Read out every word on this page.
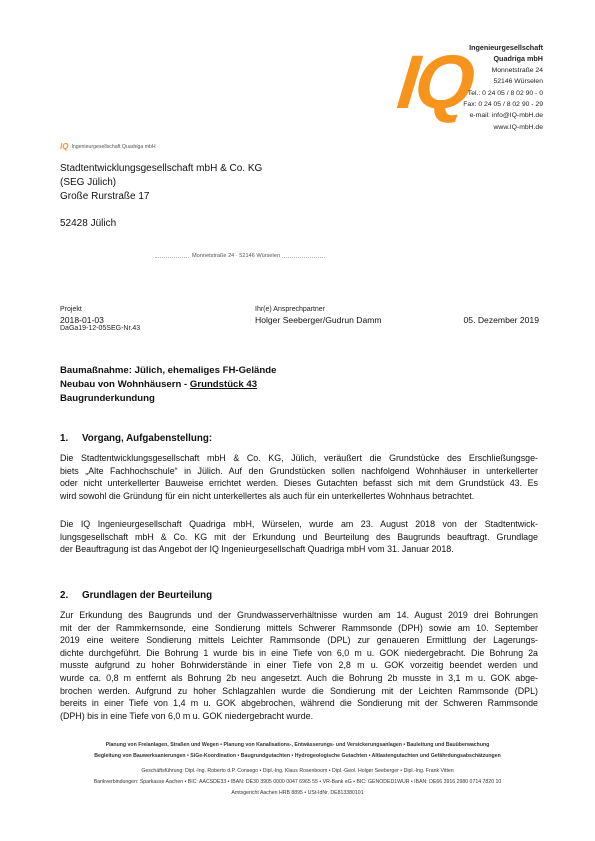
IQ
Ingenieurgesellschaft
Quadriga mbH
Monnetstraße 24
52146 Würselen
Tel.: 0 24 05 / 8 02 90 - 0
Fax: 0 24 05 / 8 02 90 - 29
e-mail: info@IQ-mbH.de
www.IQ-mbH.de
IQ Ingenieurgesellschaft Quadriga mbH
Stadtentwicklungsgesellschaft mbH & Co. KG
(SEG Jülich)
Große Rurstraße 17
52428 Jülich
Monnetstraße 24 · 52146 Würselen
Projekt
2018-01-03
DaGa19-12-05SEG-Nr.43
Ihr(e) Ansprechpartner
Holger Seeberger/Gudrun Damm	05. Dezember 2019
Baumaßnahme: Jülich, ehemaliges FH-Gelände
Neubau von Wohnhäusern - Grundstück 43
Baugrunderkundung
1. Vorgang, Aufgabenstellung:
Die Stadtentwicklungsgesellschaft mbH & Co. KG, Jülich, veräußert die Grundstücke des Erschließungsge-
biets „Alte Fachhochschule“ in Jülich. Auf den Grundstücken sollen nachfolgend Wohnhäuser in unterkellerter
oder nicht unterkellerter Bauweise errichtet werden. Dieses Gutachten befasst sich mit dem Grundstück 43. Es
wird sowohl die Gründung für ein nicht unterkellertes als auch für ein unterkellertes Wohnhaus betrachtet.
Die IQ Ingenieurgesellschaft Quadriga mbH, Würselen, wurde am 23. August 2018 von der Stadtentwick-
lungsgesellschaft mbH & Co. KG mit der Erkundung und Beurteilung des Baugrunds beauftragt. Grundlage
der Beauftragung ist das Angebot der IQ Ingenieurgesellschaft Quadriga mbH vom 31. Januar 2018.
2. Grundlagen der Beurteilung
Zur Erkundung des Baugrunds und der Grundwasserverhältnisse wurden am 14. August 2019 drei Bohrungen
mit der der Rammkernsonde, eine Sondierung mittels Schwerer Rammsonde (DPH) sowie am 10. September
2019 eine weitere Sondierung mittels Leichter Rammsonde (DPL) zur genaueren Ermittlung der Lagerungs-
dichte durchgeführt. Die Bohrung 1 wurde bis in eine Tiefe von 6,0 m u. GOK niedergebracht. Die Bohrung 2a
musste aufgrund zu hoher Bohrwiderstände in einer Tiefe von 2,8 m u. GOK vorzeitig beendet werden und
wurde ca. 0,8 m entfernt als Bohrung 2b neu angesetzt. Auch die Bohrung 2b musste in 3,1 m u. GOK abge-
brochen werden. Aufgrund zu hoher Schlagzahlen wurde die Sondierung mit der Leichten Rammsonde (DPL)
bereits in einer Tiefe von 1,4 m u. GOK abgebrochen, während die Sondierung mit der Schweren Rammsonde
(DPH) bis in eine Tiefe von 6,0 m u. GOK niedergebracht wurde.
Planung von Freianlagen, Straßen und Wegen • Planung von Kanalisations-, Entwässerungs- und Versickerungsanlagen • Bauleitung und Bauüberwachung
Begleitung von Bauwerksanierungen • SiGe-Koordination • Baugrundgutachten • Hydrogeologische Gutachten • Altlastengutachten und Gefährdungsabschätzungen
Geschäftsführung: Dipl.-Ing. Roberto d.P. Consego • Dipl.-Ing. Klaus Rosenboom • Dipl.-Geol. Holger Seeberger • Dipl.-Ing. Frank Vitten
Bankverbindungen: Sparkasse Aachen • BIC: AACSDE33 • IBAN: DE30 3905 0000 0047 6965 55 • VR-Bank eG • BIC: GENODED1WUR • IBAN: DE66 3916 2980 0714 7820 10
Amtsgericht Aachen HRB 8895 • USt-IdNr. DE813380101
